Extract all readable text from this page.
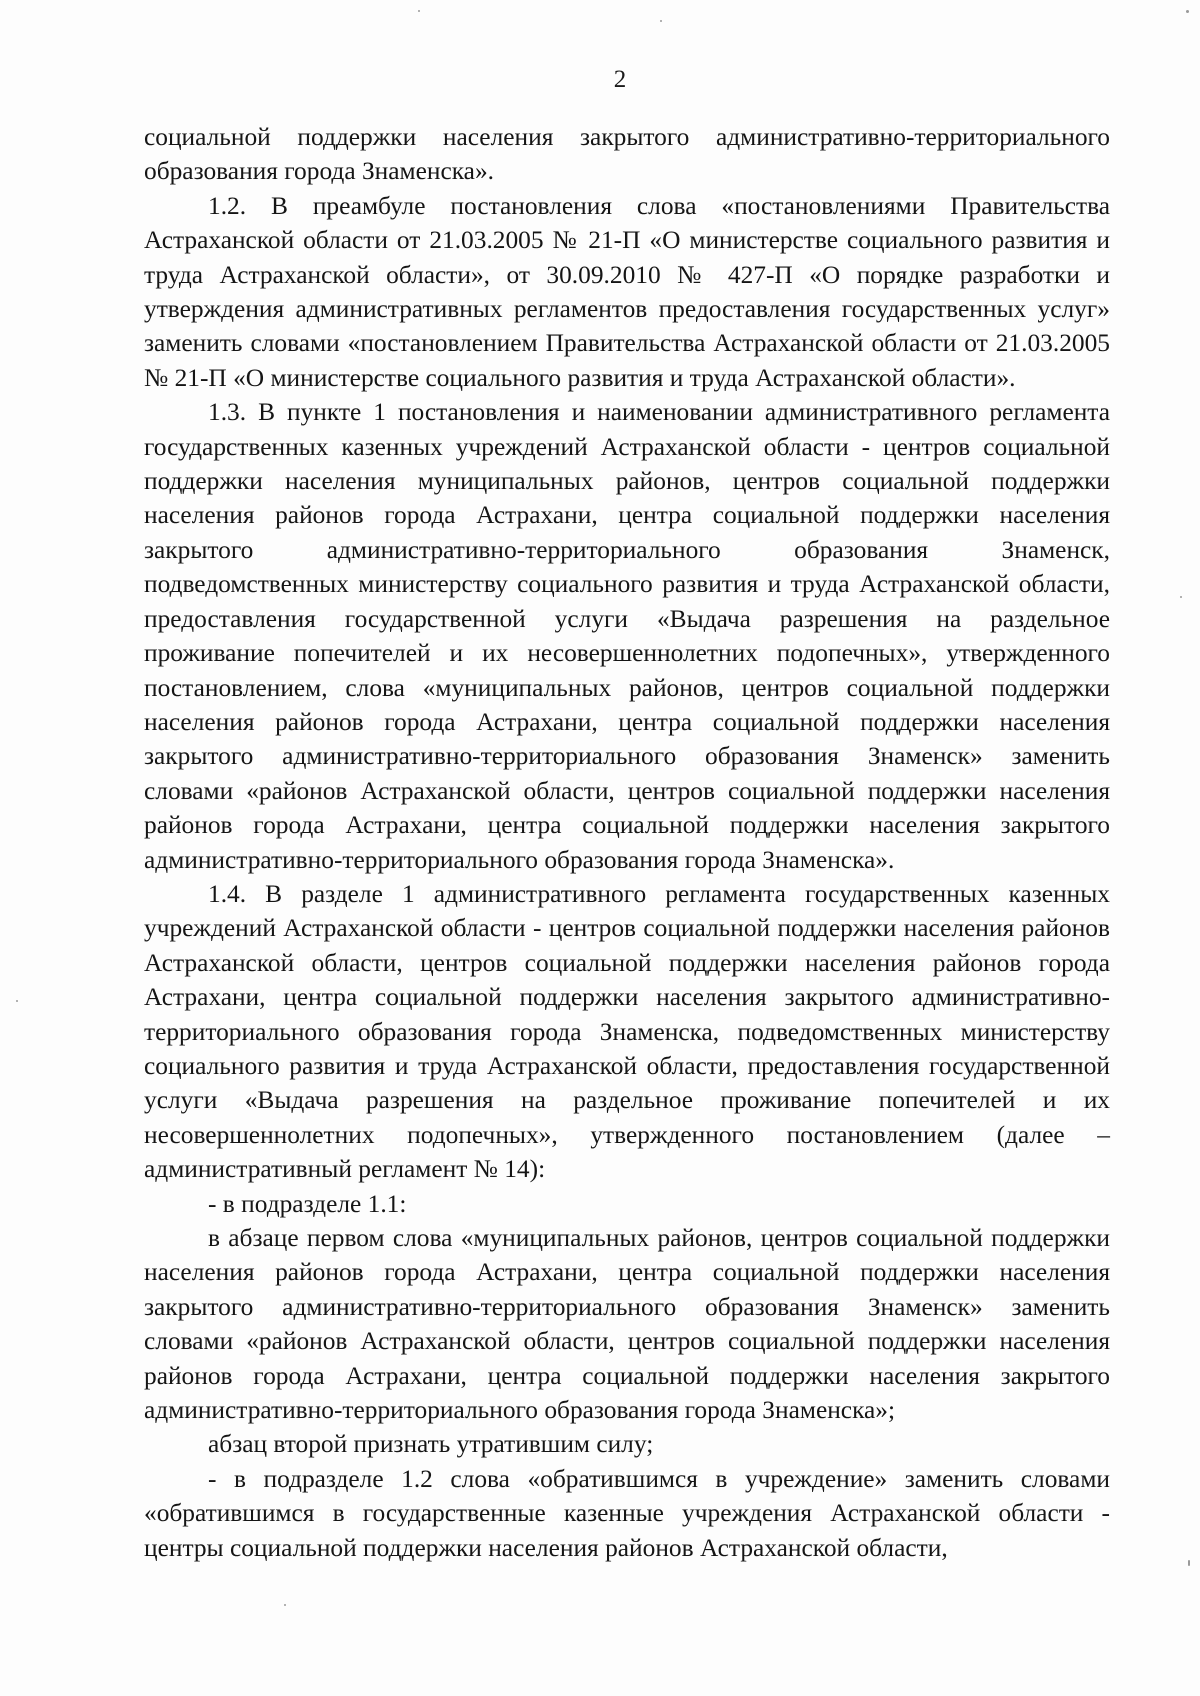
2

социальной поддержки населения закрытого административно-территориального образования города Знаменска».

1.2. В преамбуле постановления слова «постановлениями Правительства Астраханской области от 21.03.2005 № 21-П «О министерстве социального развития и труда Астраханской области», от 30.09.2010 № 427-П «О порядке разработки и утверждения административных регламентов предоставления государственных услуг» заменить словами «постановлением Правительства Астраханской области от 21.03.2005 № 21-П «О министерстве социального развития и труда Астраханской области».

1.3. В пункте 1 постановления и наименовании административного регламента государственных казенных учреждений Астраханской области - центров социальной поддержки населения муниципальных районов, центров социальной поддержки населения районов города Астрахани, центра социальной поддержки населения закрытого административно-территориального образования Знаменск, подведомственных министерству социального развития и труда Астраханской области, предоставления государственной услуги «Выдача разрешения на раздельное проживание попечителей и их несовершеннолетних подопечных», утвержденного постановлением, слова «муниципальных районов, центров социальной поддержки населения районов города Астрахани, центра социальной поддержки населения закрытого административно-территориального образования Знаменск» заменить словами «районов Астраханской области, центров социальной поддержки населения районов города Астрахани, центра социальной поддержки населения закрытого административно-территориального образования города Знаменска».

1.4. В разделе 1 административного регламента государственных казенных учреждений Астраханской области - центров социальной поддержки населения районов Астраханской области, центров социальной поддержки населения районов города Астрахани, центра социальной поддержки населения закрытого административно-территориального образования города Знаменска, подведомственных министерству социального развития и труда Астраханской области, предоставления государственной услуги «Выдача разрешения на раздельное проживание попечителей и их несовершеннолетних подопечных», утвержденного постановлением (далее – административный регламент № 14):

- в подразделе 1.1:

в абзаце первом слова «муниципальных районов, центров социальной поддержки населения районов города Астрахани, центра социальной поддержки населения закрытого административно-территориального образования Знаменск» заменить словами «районов Астраханской области, центров социальной поддержки населения районов города Астрахани, центра социальной поддержки населения закрытого административно-территориального образования города Знаменска»;

абзац второй признать утратившим силу;

- в подразделе 1.2 слова «обратившимся в учреждение» заменить словами «обратившимся в государственные казенные учреждения Астраханской области - центры социальной поддержки населения районов Астраханской области,
